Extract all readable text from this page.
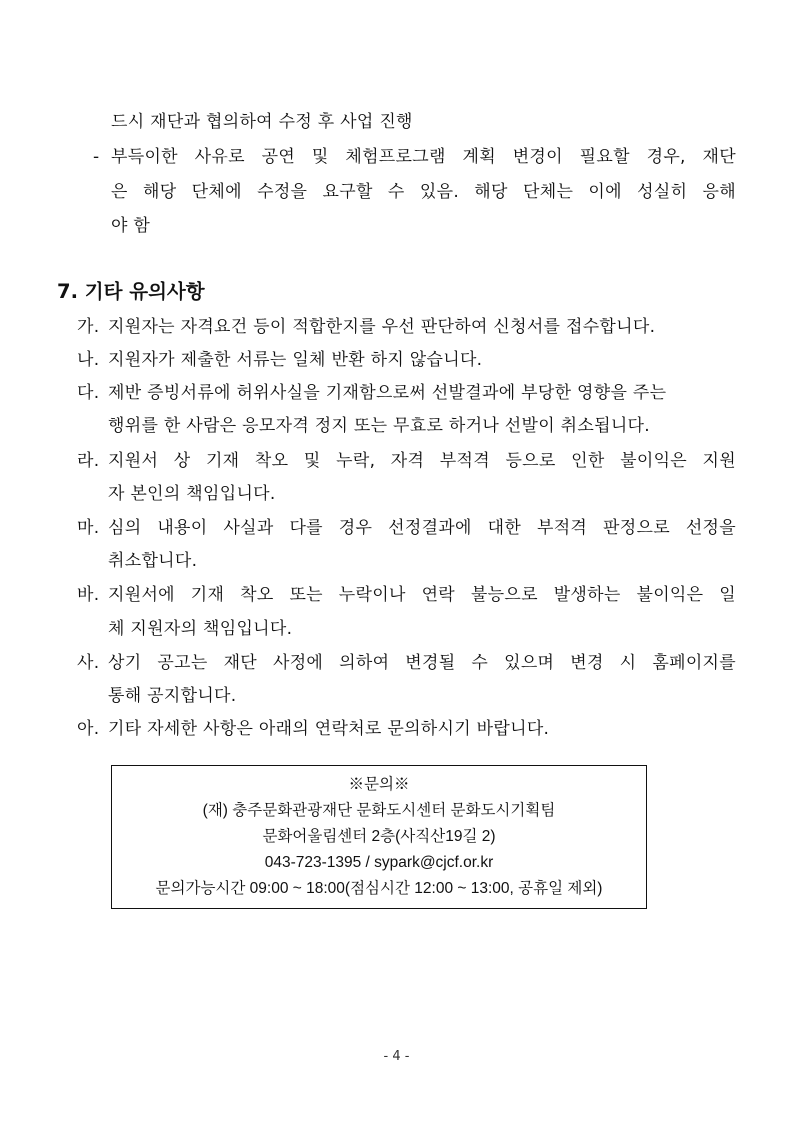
드시 재단과 협의하여 수정 후 사업 진행
- 부득이한 사유로 공연 및 체험프로그램 계획 변경이 필요할 경우, 재단
은 해당 단체에 수정을 요구할 수 있음. 해당 단체는 이에 성실히 응해
야 함
7. 기타 유의사항
가. 지원자는 자격요건 등이 적합한지를 우선 판단하여 신청서를 접수합니다.
나. 지원자가 제출한 서류는 일체 반환 하지 않습니다.
다. 제반 증빙서류에 허위사실을 기재함으로써 선발결과에 부당한 영향을 주는
행위를 한 사람은 응모자격 정지 또는 무효로 하거나 선발이 취소됩니다.
라. 지원서 상 기재 착오 및 누락, 자격 부적격 등으로 인한 불이익은 지원
자 본인의 책임입니다.
마. 심의 내용이 사실과 다를 경우 선정결과에 대한 부적격 판정으로 선정을
취소합니다.
바. 지원서에 기재 착오 또는 누락이나 연락 불능으로 발생하는 불이익은 일
체 지원자의 책임입니다.
사. 상기 공고는 재단 사정에 의하여 변경될 수 있으며 변경 시 홈페이지를
통해 공지합니다.
아. 기타 자세한 사항은 아래의 연락처로 문의하시기 바랍니다.
※문의※
(재) 충주문화관광재단 문화도시센터 문화도시기획팀
문화어울림센터 2층(사직산19길 2)
043-723-1395 / sypark@cjcf.or.kr
문의가능시간 09:00 ~ 18:00(점심시간 12:00 ~ 13:00, 공휴일 제외)
- 4 -
